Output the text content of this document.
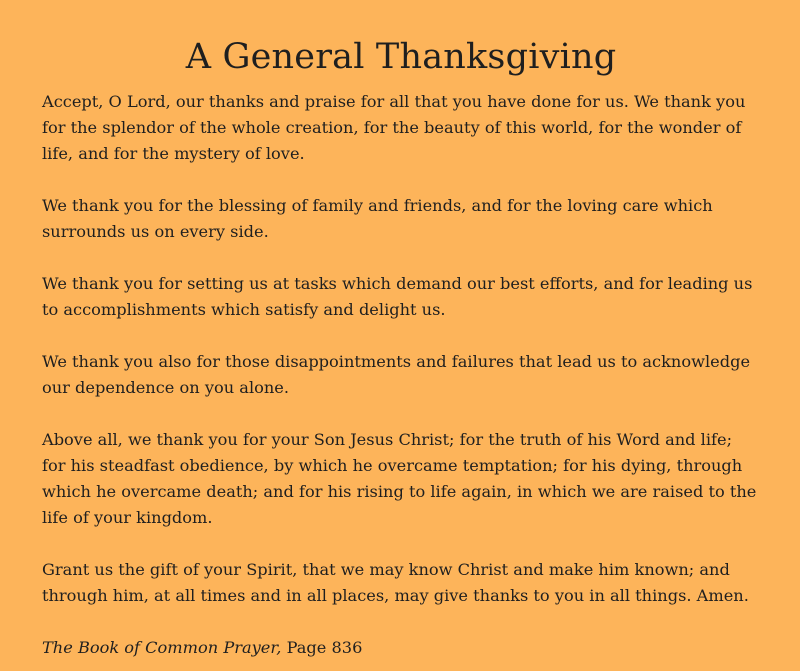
A General Thanksgiving

Accept, O Lord, our thanks and praise for all that you have done for us. We thank you for the splendor of the whole creation, for the beauty of this world, for the wonder of life, and for the mystery of love.

We thank you for the blessing of family and friends, and for the loving care which surrounds us on every side.

We thank you for setting us at tasks which demand our best efforts, and for leading us to accomplishments which satisfy and delight us.

We thank you also for those disappointments and failures that lead us to acknowledge our dependence on you alone.

Above all, we thank you for your Son Jesus Christ; for the truth of his Word and life; for his steadfast obedience, by which he overcame temptation; for his dying, through which he overcame death; and for his rising to life again, in which we are raised to the life of your kingdom.

Grant us the gift of your Spirit, that we may know Christ and make him known; and through him, at all times and in all places, may give thanks to you in all things. Amen.

The Book of Common Prayer, Page 836
